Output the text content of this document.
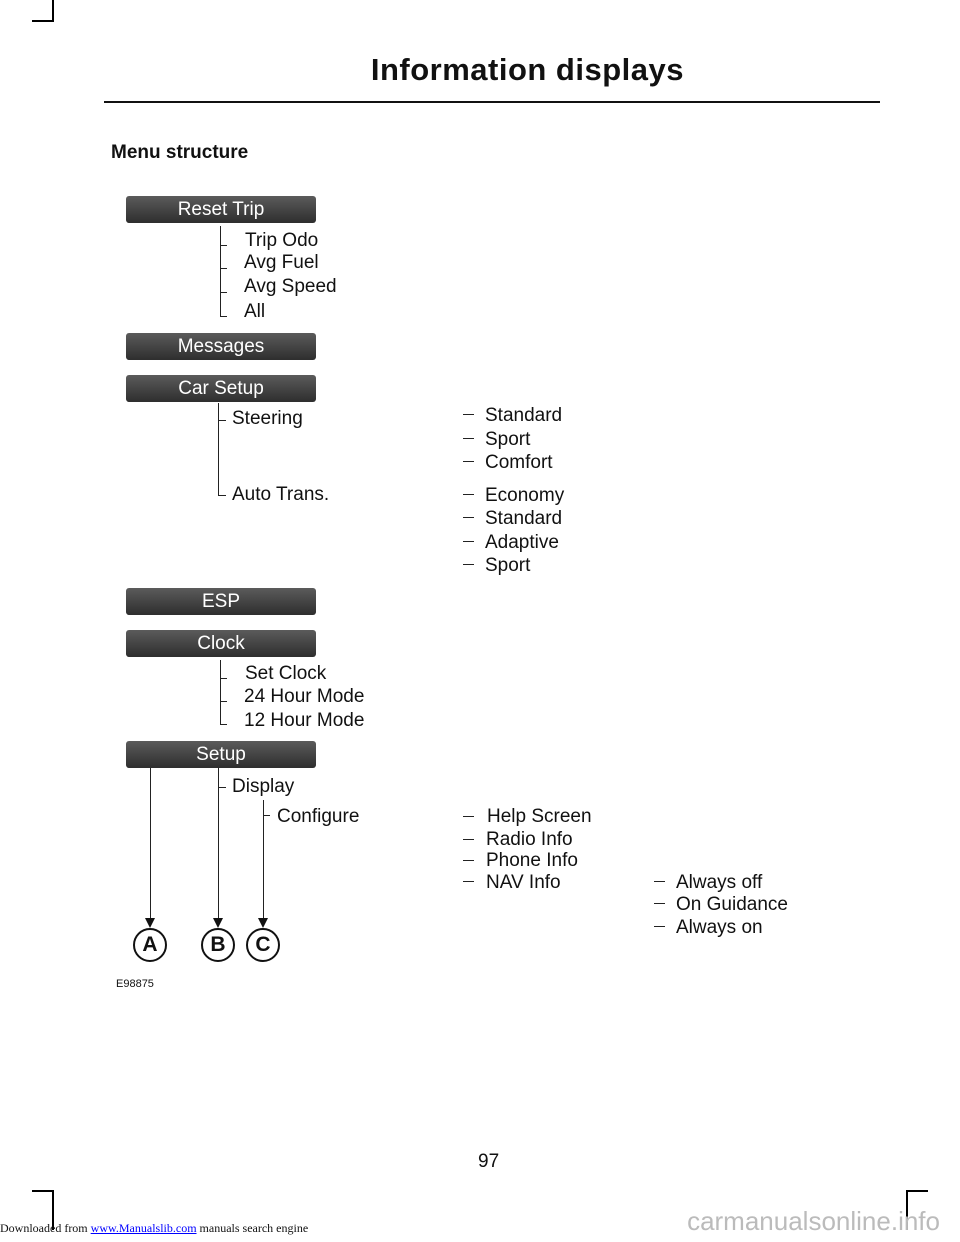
Information displays
Menu structure
Reset Trip
Trip Odo
Avg Fuel
Avg Speed
All
Messages
Car Setup
Steering
Auto Trans.
Standard
Sport
Comfort
Economy
Standard
Adaptive
Sport
ESP
Clock
Set Clock
24 Hour Mode
12 Hour Mode
Setup
Display
Configure	Help Screen
Radio Info
Phone Info
NAV Info	Always off
On Guidance
Always on
A	B	C
E98875
97
Downloaded from www.Manualslib.com manuals search engine	carmanualsonline.info
